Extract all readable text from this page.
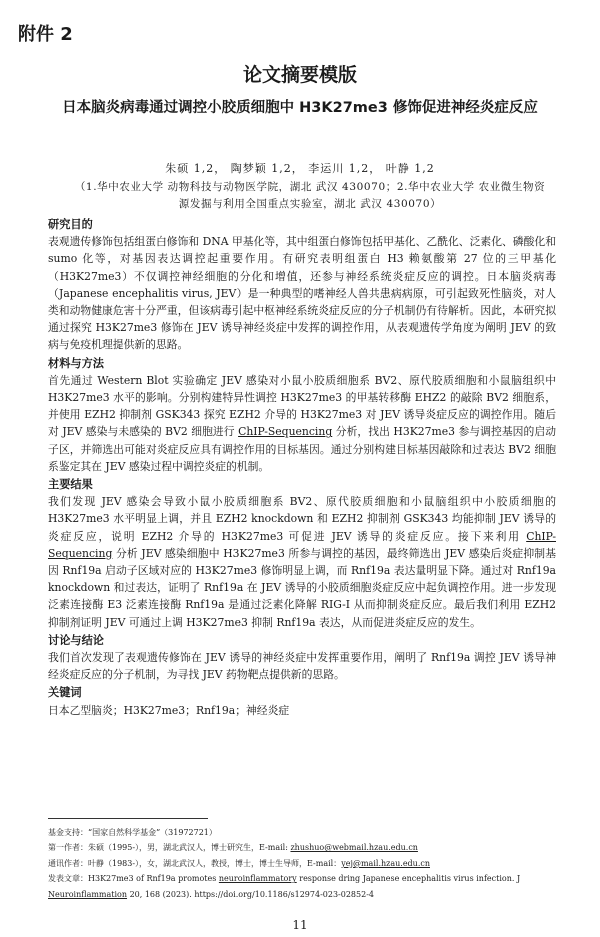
附件 2
论文摘要模版
日本脑炎病毒通过调控小胶质细胞中 H3K27me3 修饰促进神经炎症反应
朱硕 1,2， 陶梦颖 1,2， 李运川 1,2， 叶静 1,2
（1.华中农业大学 动物科技与动物医学院，湖北 武汉 430070；2.华中农业大学 农业微生物资源发掘与利用全国重点实验室，湖北 武汉 430070）
研究目的

表观遗传修饰包括组蛋白修饰和 DNA 甲基化等，其中组蛋白修饰包括甲基化、乙酰化、泛素化、磷酸化和 sumo 化等，对基因表达调控起重要作用。有研究表明组蛋白 H3 赖氨酸第 27 位的三甲基化（H3K27me3）不仅调控神经细胞的分化和增值，还参与神经系统炎症反应的调控。日本脑炎病毒（Japanese encephalitis virus, JEV）是一种典型的嗜神经人兽共患病病原，可引起致死性脑炎，对人类和动物健康危害十分严重，但该病毒引起中枢神经系统炎症反应的分子机制仍有待解析。因此，本研究拟通过探究 H3K27me3 修饰在 JEV 诱导神经炎症中发挥的调控作用，从表观遗传学角度为阐明 JEV 的致病与免疫机理提供新的思路。

材料与方法

首先通过 Western Blot 实验确定 JEV 感染对小鼠小胶质细胞系 BV2、原代胶质细胞和小鼠脑组织中 H3K27me3 水平的影响。分别构建特异性调控 H3K27me3 的甲基转移酶 EHZ2 的敲除 BV2 细胞系，并使用 EZH2 抑制剂 GSK343 探究 EZH2 介导的 H3K27me3 对 JEV 诱导炎症反应的调控作用。随后对 JEV 感染与未感染的 BV2 细胞进行 ChIP-Sequencing 分析，找出 H3K27me3 参与调控基因的启动子区，并筛选出可能对炎症反应具有调控作用的目标基因。通过分别构建目标基因敲除和过表达 BV2 细胞系鉴定其在 JEV 感染过程中调控炎症的机制。

主要结果

我们发现 JEV 感染会导致小鼠小胶质细胞系 BV2、原代胶质细胞和小鼠脑组织中小胶质细胞的 H3K27me3 水平明显上调，并且 EZH2 knockdown 和 EZH2 抑制剂 GSK343 均能抑制 JEV 诱导的炎症反应，说明 EZH2 介导的 H3K27me3 可促进 JEV 诱导的炎症反应。接下来利用 ChIP-Sequencing 分析 JEV 感染细胞中 H3K27me3 所参与调控的基因，最终筛选出 JEV 感染后炎症抑制基因 Rnf19a 启动子区域对应的 H3K27me3 修饰明显上调，而 Rnf19a 表达量明显下降。通过对 Rnf19a knockdown 和过表达，证明了 Rnf19a 在 JEV 诱导的小胶质细胞炎症反应中起负调控作用。进一步发现泛素连接酶 E3 泛素连接酶 Rnf19a 是通过泛素化降解 RIG-I 从而抑制炎症反应。最后我们利用 EZH2 抑制剂证明 JEV 可通过上调 H3K27me3 抑制 Rnf19a 表达，从而促进炎症反应的发生。

讨论与结论

我们首次发现了表观遗传修饰在 JEV 诱导的神经炎症中发挥重要作用，阐明了 Rnf19a 调控 JEV 诱导神经炎症反应的分子机制，为寻找 JEV 药物靶点提供新的思路。

关键词

日本乙型脑炎；H3K27me3；Rnf19a；神经炎症

基金支持：“国家自然科学基金”（31972721）
第一作者：朱硕（1995-），男，湖北武汉人，博士研究生，E-mail: zhushuo@webmail.hzau.edu.cn
通讯作者：叶静（1983-），女，湖北武汉人，教授，博士，博士生导师，E-mail：yej@mail.hzau.edu.cn
发表文章：H3K27me3 of Rnf19a promotes neuroinflammatory response dring Japanese encephalitis virus infection. J
Neuroinflammation 20, 168 (2023). https://doi.org/10.1186/s12974-023-02852-4
11
